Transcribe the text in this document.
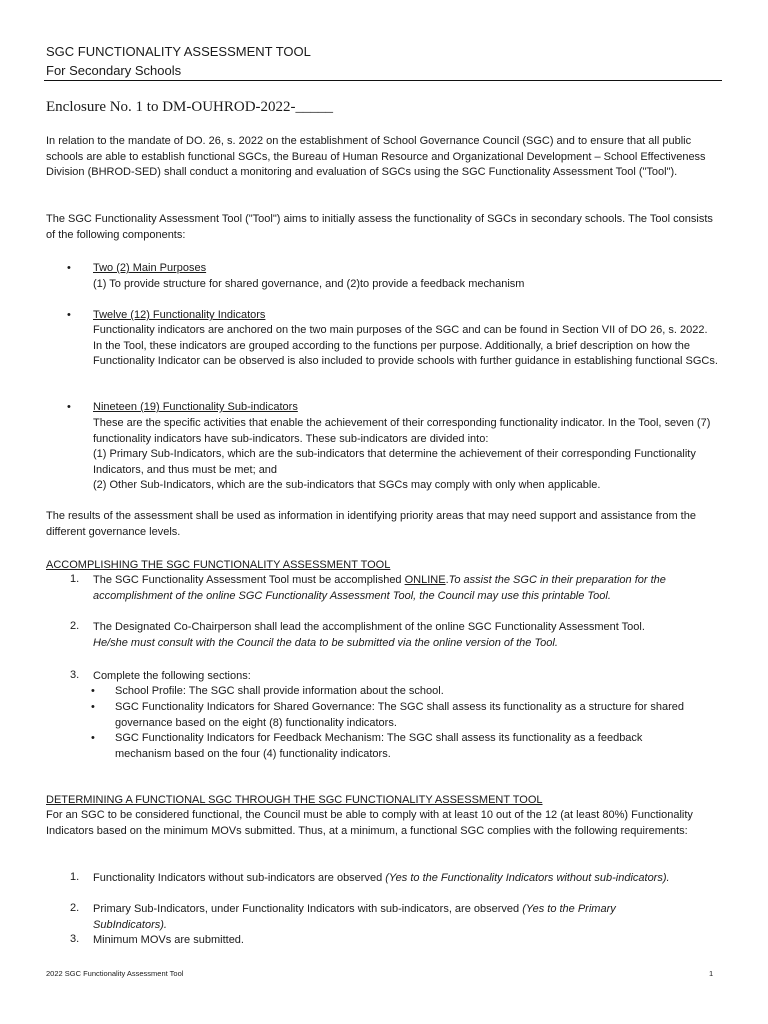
SGC FUNCTIONALITY ASSESSMENT TOOL
For Secondary Schools
Enclosure No. 1 to DM-OUHROD-2022-_____

In relation to the mandate of DO. 26, s. 2022 on the establishment of School Governance Council (SGC) and to ensure that all public schools are able to establish functional SGCs, the Bureau of Human Resource and Organizational Development – School Effectiveness Division (BHROD-SED) shall conduct a monitoring and evaluation of SGCs using the SGC Functionality Assessment Tool ("Tool").

The SGC Functionality Assessment Tool ("Tool") aims to initially assess the functionality of SGCs in secondary schools. The Tool consists of the following components:

• Two (2) Main Purposes

(1) To provide structure for shared governance, and (2)to provide a feedback mechanism

• Twelve (12) Functionality Indicators

Functionality indicators are anchored on the two main purposes of the SGC and can be found in Section VII of DO 26, s. 2022. In the Tool, these indicators are grouped according to the functions per purpose. Additionally, a brief description on how the Functionality Indicator can be observed is also included to provide schools with further guidance in establishing functional SGCs.

• Nineteen (19) Functionality Sub-indicators

These are the specific activities that enable the achievement of their corresponding functionality indicator. In the Tool, seven (7) functionality indicators have sub-indicators. These sub-indicators are divided into:

(1) Primary Sub-Indicators, which are the sub-indicators that determine the achievement of their corresponding Functionality Indicators, and thus must be met; and

(2) Other Sub-Indicators, which are the sub-indicators that SGCs may comply with only when applicable.

The results of the assessment shall be used as information in identifying priority areas that may need support and assistance from the different governance levels.

ACCOMPLISHING THE SGC FUNCTIONALITY ASSESSMENT TOOL
1. The SGC Functionality Assessment Tool must be accomplished ONLINE.To assist the SGC in their preparation for the accomplishment of the online SGC Functionality Assessment Tool, the Council may use this printable Tool.

2. The Designated Co-Chairperson shall lead the accomplishment of the online SGC Functionality Assessment Tool.
He/she must consult with the Council the data to be submitted via the online version of the Tool.

3. Complete the following sections:
• School Profile: The SGC shall provide information about the school.

• SGC Functionality Indicators for Shared Governance: The SGC shall assess its functionality as a structure for shared governance based on the eight (8) functionality indicators.

• SGC Functionality Indicators for Feedback Mechanism: The SGC shall assess its functionality as a feedback mechanism based on the four (4) functionality indicators.

DETERMINING A FUNCTIONAL SGC THROUGH THE SGC FUNCTIONALITY ASSESSMENT TOOL

For an SGC to be considered functional, the Council must be able to comply with at least 10 out of the 12 (at least 80%) Functionality Indicators based on the minimum MOVs submitted. Thus, at a minimum, a functional SGC complies with the following requirements:

1. Functionality Indicators without sub-indicators are observed (Yes to the Functionality Indicators without sub-indicators).

2. Primary Sub-Indicators, under Functionality Indicators with sub-indicators, are observed (Yes to the Primary SubIndicators).

3. Minimum MOVs are submitted.
2022 SGC Functionality Assessment Tool	1
